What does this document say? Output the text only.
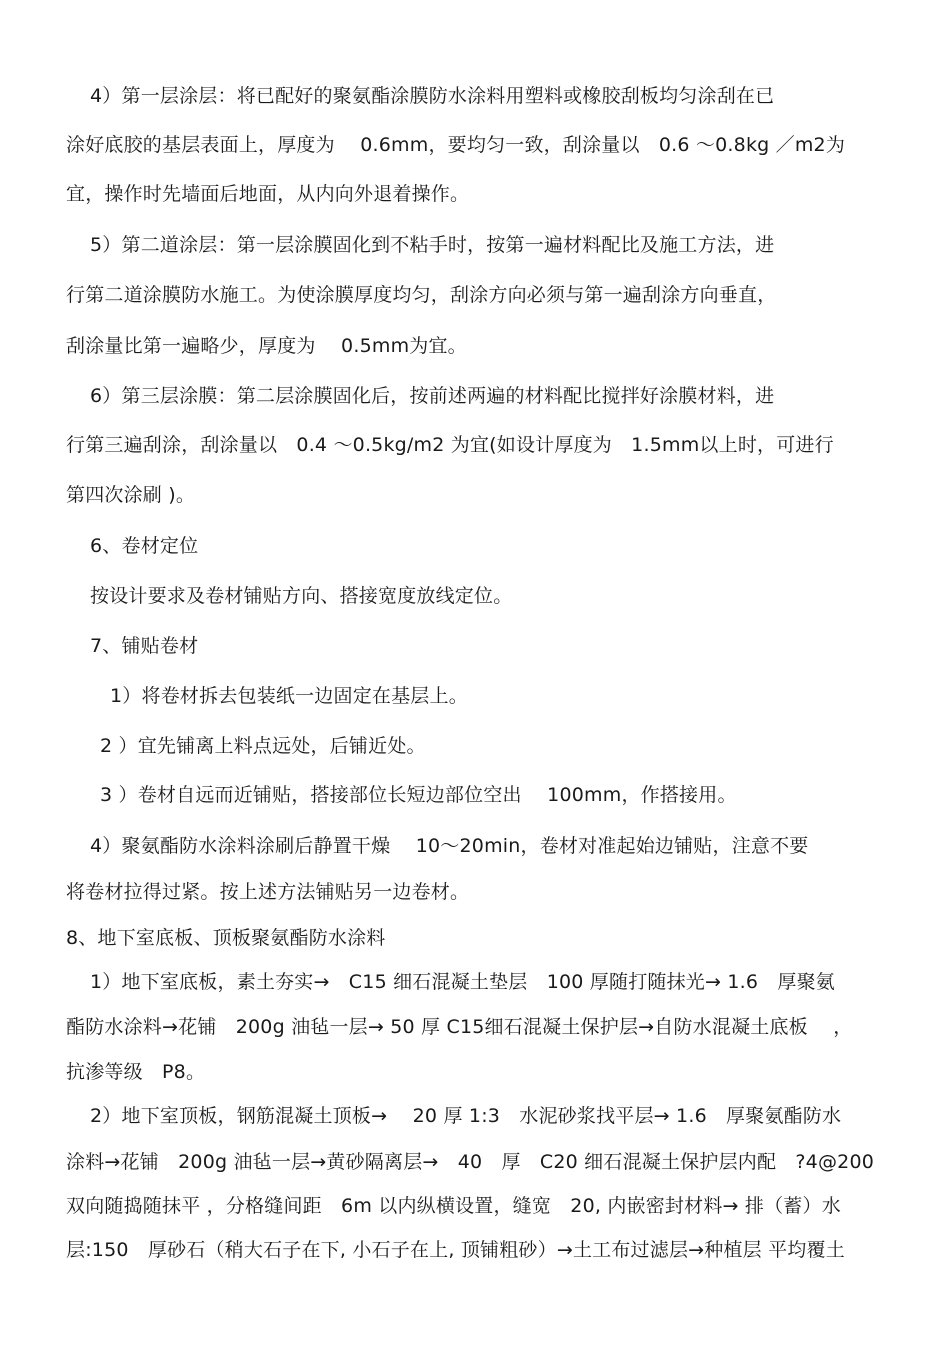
4）第一层涂层：将已配好的聚氨酯涂膜防水涂料用塑料或橡胶刮板均匀涂刮在已
涂好底胶的基层表面上，厚度为　 0.6mm，要均匀一致，刮涂量以　0.6 ～0.8kg ／m2为
宜，操作时先墙面后地面，从内向外退着操作。
5）第二道涂层：第一层涂膜固化到不粘手时，按第一遍材料配比及施工方法，进
行第二道涂膜防水施工。为使涂膜厚度均匀，刮涂方向必须与第一遍刮涂方向垂直，
刮涂量比第一遍略少，厚度为　 0.5mm为宜。
6）第三层涂膜：第二层涂膜固化后，按前述两遍的材料配比搅拌好涂膜材料，进
行第三遍刮涂，刮涂量以　0.4 ～0.5kg/m2 为宜(如设计厚度为　1.5mm以上时，可进行
第四次涂刷 )。
6、卷材定位
按设计要求及卷材铺贴方向、搭接宽度放线定位。
7、铺贴卷材
1）将卷材拆去包装纸一边固定在基层上。
2 ）宜先铺离上料点远处，后铺近处。
3 ）卷材自远而近铺贴，搭接部位长短边部位空出　 100mm，作搭接用。
4）聚氨酯防水涂料涂刷后静置干燥　 10～20min，卷材对准起始边铺贴，注意不要
将卷材拉得过紧。按上述方法铺贴另一边卷材。
8、地下室底板、顶板聚氨酯防水涂料
1）地下室底板，素土夯实→　C15 细石混凝土垫层　100 厚随打随抹光→ 1.6　厚聚氨
酯防水涂料→花铺　200g 油毡一层→ 50 厚 C15细石混凝土保护层→自防水混凝土底板　 ，
抗渗等级　P8。
2）地下室顶板，钢筋混凝土顶板→　 20 厚 1:3　水泥砂浆找平层→ 1.6　厚聚氨酯防水
涂料→花铺　200g 油毡一层→黄砂隔离层→　40　厚　C20 细石混凝土保护层内配　?4@200
双向随捣随抹平 ，分格缝间距　6m 以内纵横设置，缝宽　20, 内嵌密封材料→ 排（蓄）水
层:150　厚砂石（稍大石子在下, 小石子在上, 顶铺粗砂）→土工布过滤层→种植层 平均覆土
